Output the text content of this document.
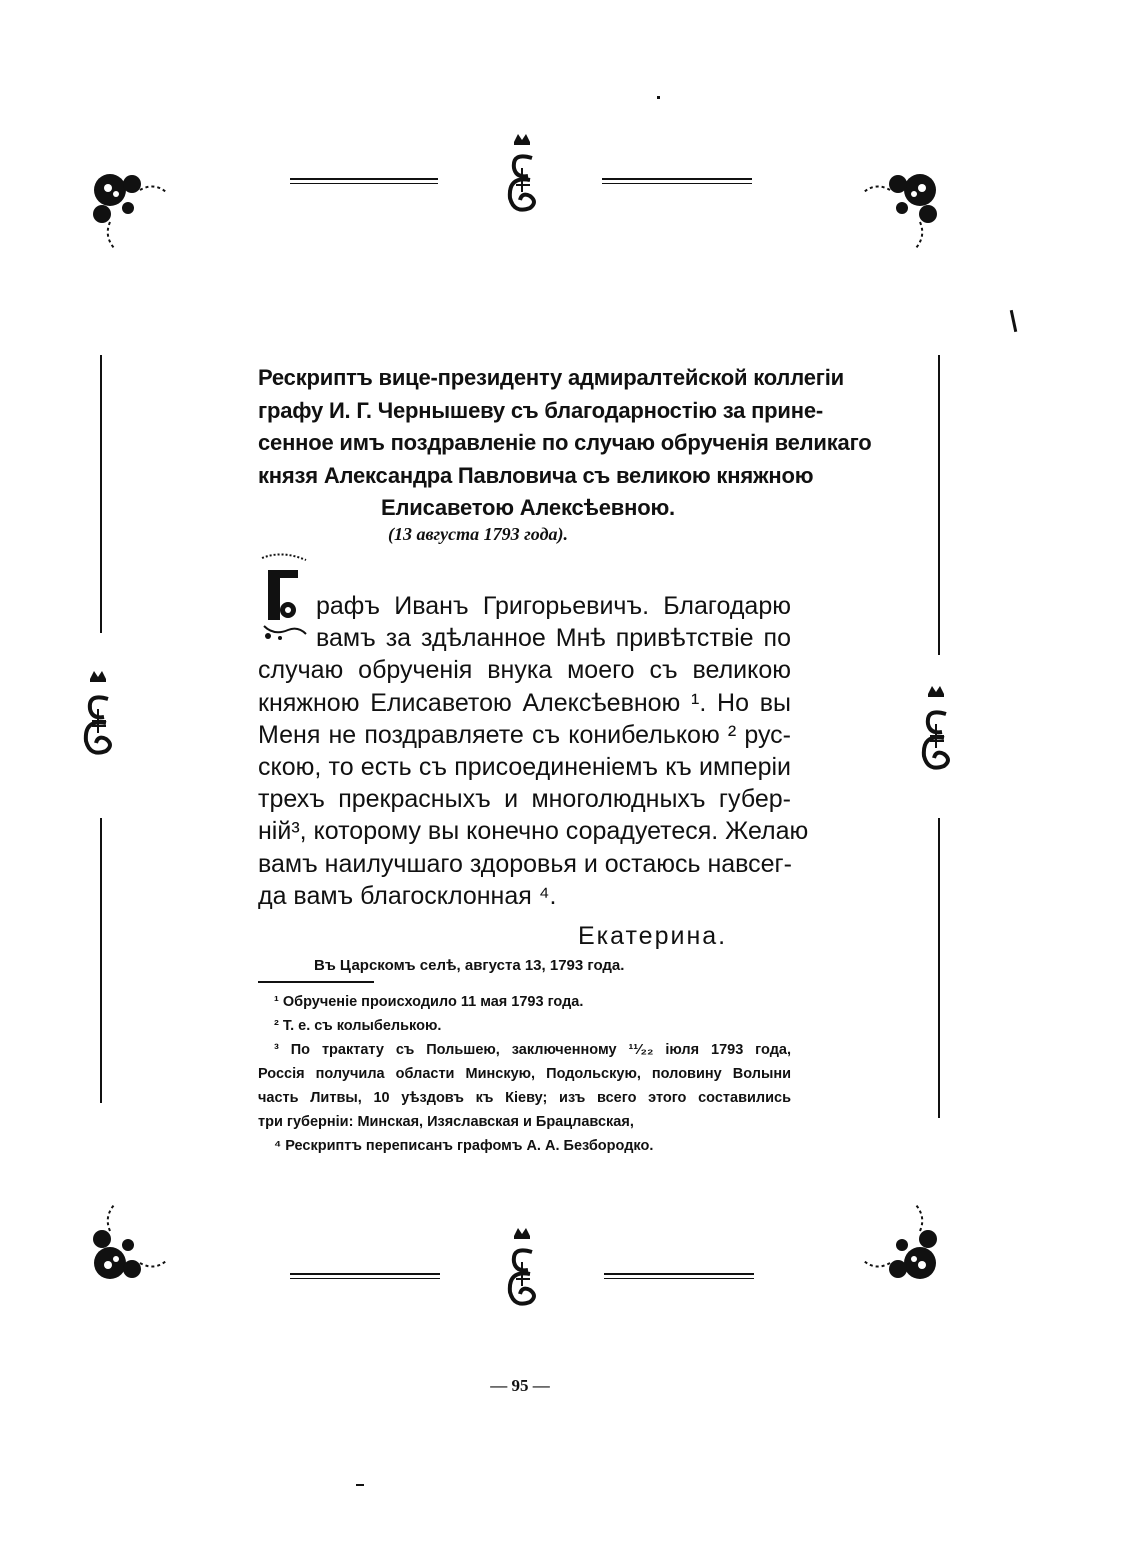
Рескриптъ вице-президенту адмиралтейской коллегіи
графу И. Г. Чернышеву съ благодарностію за прине-
сенное имъ поздравленіе по случаю обрученія великаго
князя Александра Павловича съ великою княжною
Елисаветою Алексѣевною.
(13 августа 1793 года).
рафъ Иванъ Григорьевичъ. Благодарю
вамъ за здѣланное Мнѣ привѣтствіе по
случаю обрученія внука моего съ великою
княжною Елисаветою Алексѣевною ¹. Но вы
Меня не поздравляете съ конибелькою ² рус-
скою, то есть съ присоединеніемъ къ имперіи
трехъ прекрасныхъ и многолюдныхъ губер-
ній³, которому вы конечно сорадуетеся. Желаю
вамъ наилучшаго здоровья и остаюсь навсег-
да вамъ благосклонная ⁴.
Екатерина.
Въ Царскомъ селѣ, августа 13, 1793 года.
¹ Обрученіе происходило 11 мая 1793 года.
² Т. е. съ колыбелькою.
³ По трактату съ Польшею, заключенному ¹¹⁄₂₂ іюля 1793 года,
Россія получила области Минскую, Подольскую, половину Волыни
часть Литвы, 10 уѣздовъ къ Кіеву; изъ всего этого составились
три губерніи: Минская, Изяславская и Брацлавская,
⁴ Рескриптъ переписанъ графомъ А. А. Безбородко.
— 95 —
